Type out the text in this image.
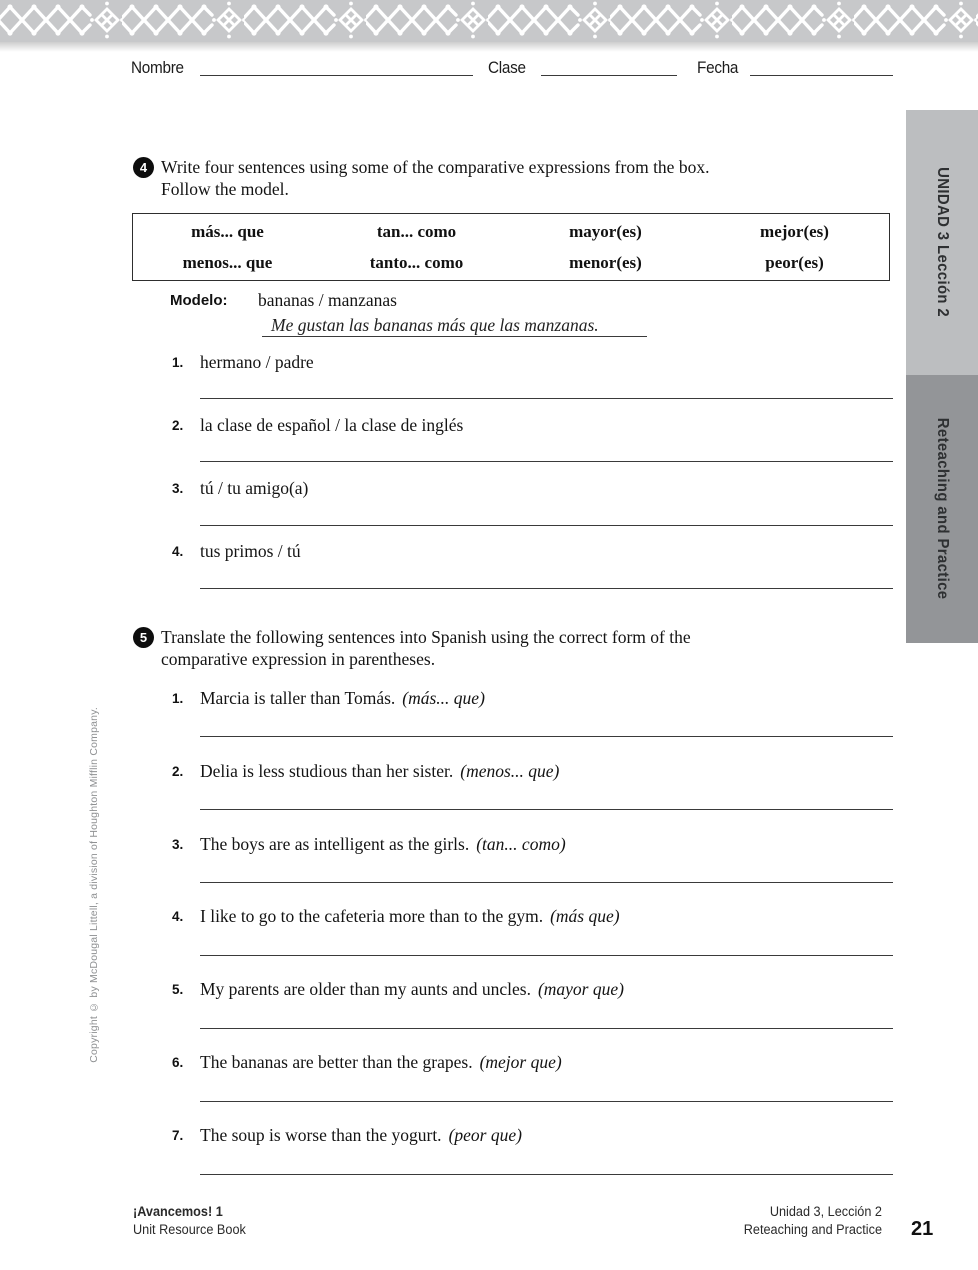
Nombre	Clase	Fecha
UNIDAD 3 Lección 2
Reteaching and Practice
Copyright © by McDougal Littell, a division of Houghton Mifflin Company.
4 Write four sentences using some of the comparative expressions from the box.
Follow the model.
más... que	tan... como	mayor(es)	mejor(es)
menos... que	tanto... como	menor(es)	peor(es)
Modelo: bananas / manzanas
Me gustan las bananas más que las manzanas.
1. hermano / padre
2. la clase de español / la clase de inglés
3. tú / tu amigo(a)
4. tus primos / tú
5 Translate the following sentences into Spanish using the correct form of the
comparative expression in parentheses.
1. Marcia is taller than Tomás. (más... que)
2. Delia is less studious than her sister. (menos... que)
3. The boys are as intelligent as the girls. (tan... como)
4. I like to go to the cafeteria more than to the gym. (más que)
5. My parents are older than my aunts and uncles. (mayor que)
6. The bananas are better than the grapes. (mejor que)
7. The soup is worse than the yogurt. (peor que)
¡Avancemos! 1
Unit Resource Book
Unidad 3, Lección 2
Reteaching and Practice 21
